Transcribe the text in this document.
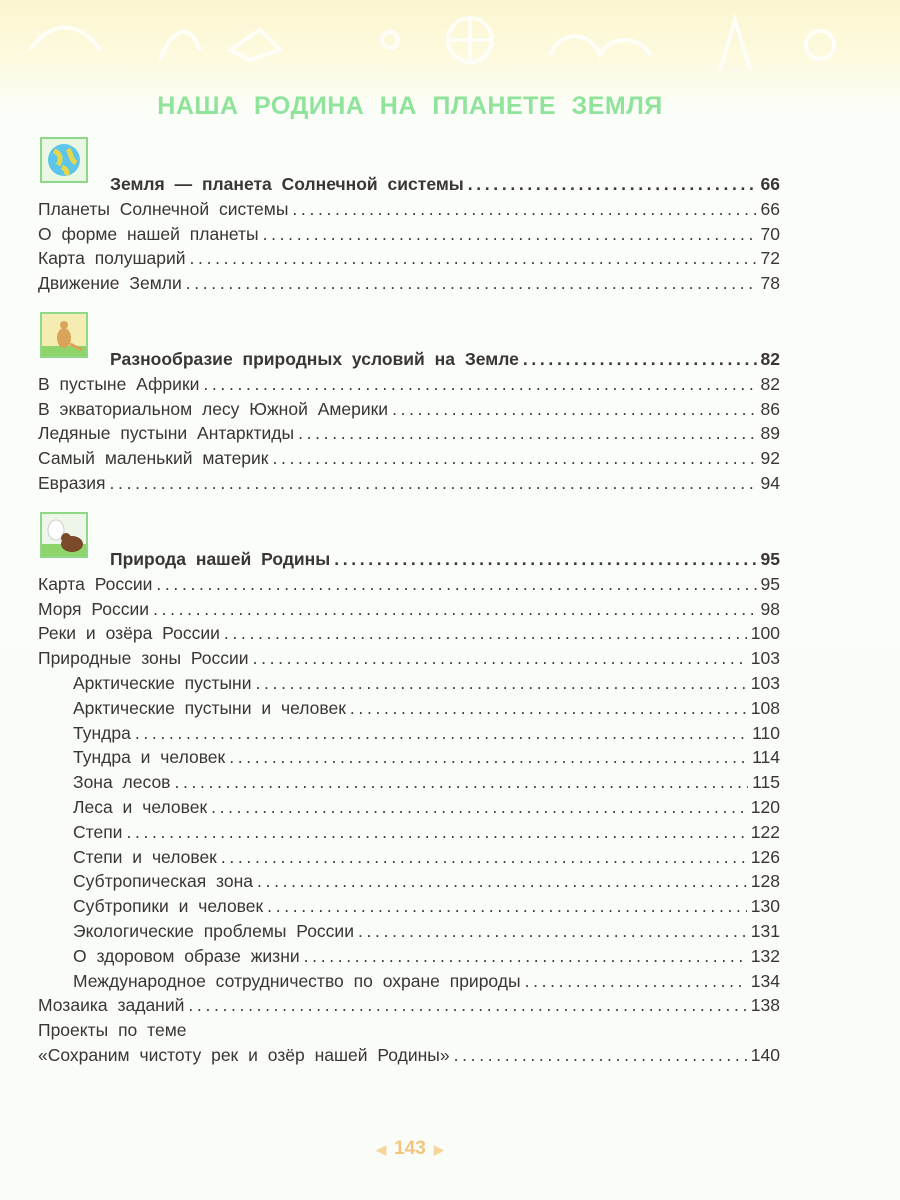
НАША РОДИНА НА ПЛАНЕТЕ ЗЕМЛЯ
Земля — планета Солнечной системы . . .	66
Планеты Солнечной системы . . .	66
О форме нашей планеты . . .	70
Карта полушарий . . .	72
Движение Земли . . .	78
Разнообразие природных условий на Земле . . .	82
В пустыне Африки . . .	82
В экваториальном лесу Южной Америки . . .	86
Ледяные пустыни Антарктиды . . .	89
Самый маленький материк . . .	92
Евразия . . .	94
Природа нашей Родины . . .	95
Карта России . . .	95
Моря России . . .	98
Реки и озёра России . . .	100
Природные зоны России . . .	103
Арктические пустыни . . .	103
Арктические пустыни и человек . . .	108
Тундра . . .	110
Тундра и человек . . .	114
Зона лесов . . .	115
Леса и человек . . .	120
Степи . . .	122
Степи и человек . . .	126
Субтропическая зона . . .	128
Субтропики и человек . . .	130
Экологические проблемы России . . .	131
О здоровом образе жизни . . .	132
Международное сотрудничество по охране природы . . .	134
Мозаика заданий . . .	138
Проекты по теме
«Сохраним чистоту рек и озёр нашей Родины» . . .	140
◀ 143 ▶
